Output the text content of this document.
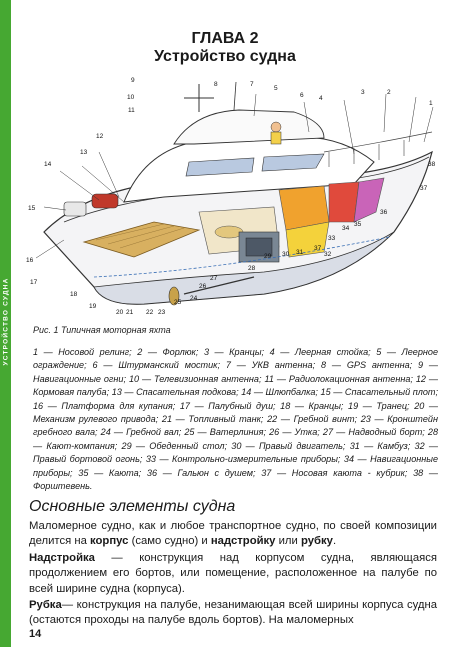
УСТРОЙСТВО СУДНА
ГЛАВА 2
Устройство судна
9
10
11
7
6 4
3	2
1
12
13
14
15
16
17
18
19
20 21 22 23
24
25
26
27
28
29 30 31
37
33
34
35
36
37
38
32
5
8
Рис. 1 Типичная моторная яхта
1 — Носовой релинг; 2 — Форлюк; 3 — Кранцы; 4 — Леерная стойка; 5 — Леерное ограждение; 6 — Штурманский мостик; 7 — УКВ антенна; 8 — GPS антенна; 9 — Навигационные огни; 10 — Телевизионная антенна; 11 — Радиолокационная антенна; 12 — Кормовая палуба; 13 — Спасательная подкова; 14 — Шлюпбалка; 15 — Спасательный плот; 16 — Платформа для купания; 17 — Палубный душ; 18 — Кранцы; 19 — Транец; 20 — Механизм рулевого привода; 21 — Топливный танк; 22 — Гребной винт; 23 — Кронштейн гребного вала; 24 — Гребной вал; 25 — Ватерлиния; 26 — Утка; 27 — Надводный борт; 28 — Кают-компания; 29 — Обеденный стол; 30 — Правый двигатель; 31 — Камбуз; 32 — Правый бортовой огонь; 33 — Контрольно-измерительные приборы; 34 — Навигационные приборы; 35 — Каюта; 36 — Гальюн с душем; 37 — Носовая каюта - кубрик; 38 — Форштевень.
Основные элементы судна
Маломерное судно, как и любое транспортное судно, по своей композиции делится на корпус (само судно) и надстройку или рубку.
Надстройка — конструкция над корпусом судна, являющаяся продолжением его бортов, или помещение, расположенное на палубе по всей ширине судна (корпуса).
Рубка— конструкция на палубе, незанимающая всей ширины корпуса судна (остаются проходы на палубе вдоль бортов). На маломерных
14
